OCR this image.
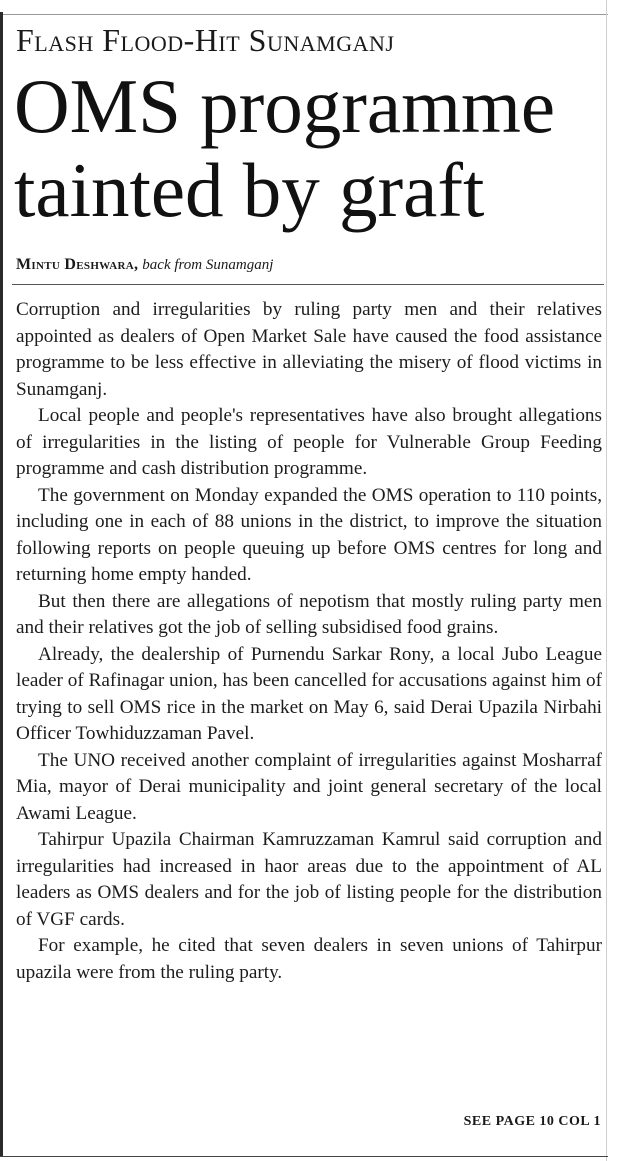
Flash Flood-Hit Sunamganj
OMS programme
tainted by graft
Mintu Deshwara, back from Sunamganj

Corruption and irregularities by ruling party men and their relatives appointed as dealers of Open Market Sale have caused the food assistance programme to be less effective in alleviating the misery of flood victims in Sunamganj.

Local people and people's representatives have also brought allegations of irregularities in the listing of people for Vulnerable Group Feeding programme and cash distribution programme.

The government on Monday expanded the OMS operation to 110 points, including one in each of 88 unions in the district, to improve the situation following reports on people queuing up before OMS centres for long and returning home empty handed.

But then there are allegations of nepotism that mostly ruling party men and their relatives got the job of selling subsidised food grains.

Already, the dealership of Purnendu Sarkar Rony, a local Jubo League leader of Rafinagar union, has been cancelled for accusations against him of trying to sell OMS rice in the market on May 6, said Derai Upazila Nirbahi Officer Towhiduzzaman Pavel.

The UNO received another complaint of irregularities against Mosharraf Mia, mayor of Derai municipality and joint general secretary of the local Awami League.

Tahirpur Upazila Chairman Kamruzzaman Kamrul said corruption and irregularities had increased in haor areas due to the appointment of AL leaders as OMS dealers and for the job of listing people for the distribution of VGF cards.

For example, he cited that seven dealers in seven unions of Tahirpur upazila were from the ruling party.

SEE PAGE 10 COL 1
